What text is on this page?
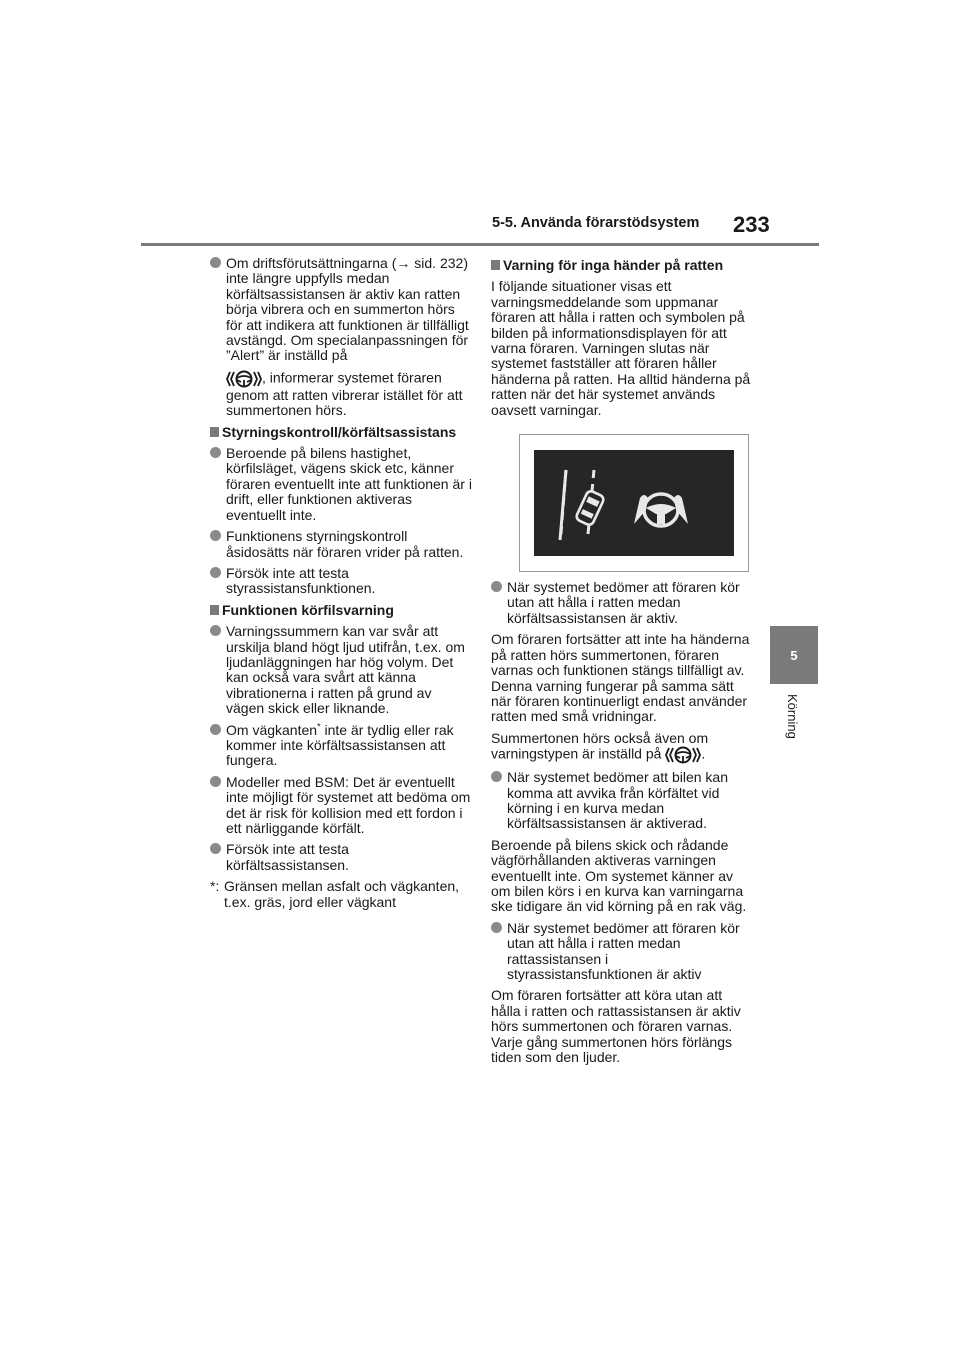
5-5. Använda förarstödsystem 233
5
Körning
Om driftsförutsättningarna (→ sid. 232) inte längre uppfylls medan körfältsassistansen är aktiv kan ratten börja vibrera och en summerton hörs för att indikera att funktionen är tillfälligt avstängd. Om specialanpassningen för ”Alert” är inställd på
, informerar systemet föraren genom att ratten vibrerar istället för att summertonen hörs.
Styrningskontroll/körfältsassistans
Beroende på bilens hastighet, körfilsläget, vägens skick etc, känner föraren eventuellt inte att funktionen är i drift, eller funktionen aktiveras eventuellt inte.
Funktionens styrningskontroll åsidosätts när föraren vrider på ratten.
Försök inte att testa styrassistansfunktionen.
Funktionen körfilsvarning
Varningssummern kan var svår att urskilja bland högt ljud utifrån, t.ex. om ljudanläggningen har hög volym. Det kan också vara svårt att känna vibrationerna i ratten på grund av vägen skick eller liknande.
Om vägkanten* inte är tydlig eller rak kommer inte körfältsassistansen att fungera.
Modeller med BSM: Det är eventuellt inte möjligt för systemet att bedöma om det är risk för kollision med ett fordon i ett närliggande körfält.
Försök inte att testa körfältsassistansen.
*: Gränsen mellan asfalt och vägkanten, t.ex. gräs, jord eller vägkant
Varning för inga händer på ratten
I följande situationer visas ett varningsmeddelande som uppmanar föraren att hålla i ratten och symbolen på bilden på informationsdisplayen för att varna föraren. Varningen slutas när systemet fastställer att föraren håller händerna på ratten. Ha alltid händerna på ratten när det här systemet används oavsett varningar.
När systemet bedömer att föraren kör utan att hålla i ratten medan körfältsassistansen är aktiv.
Om föraren fortsätter att inte ha händerna på ratten hörs summertonen, föraren varnas och funktionen stängs tillfälligt av. Denna varning fungerar på samma sätt när föraren kontinuerligt endast använder ratten med små vridningar.
Summertonen hörs också även om varningstypen är inställd på	.
När systemet bedömer att bilen kan komma att avvika från körfältet vid körning i en kurva medan körfältsassistansen är aktiverad.
Beroende på bilens skick och rådande vägförhållanden aktiveras varningen eventuellt inte. Om systemet känner av om bilen körs i en kurva kan varningarna ske tidigare än vid körning på en rak väg.
När systemet bedömer att föraren kör utan att hålla i ratten medan rattassistansen i styrassistansfunktionen är aktiv
Om föraren fortsätter att köra utan att hålla i ratten och rattassistansen är aktiv hörs summertonen och föraren varnas. Varje gång summertonen hörs förlängs tiden som den ljuder.
